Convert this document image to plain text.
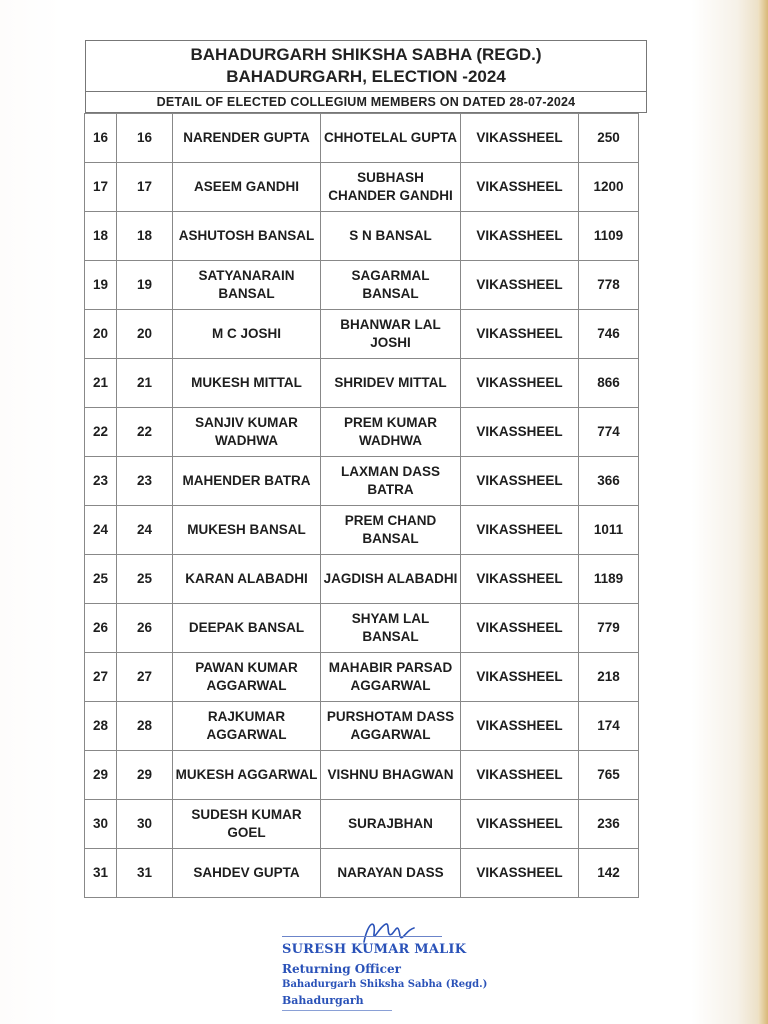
BAHADURGARH SHIKSHA SABHA (REGD.)
BAHADURGARH, ELECTION -2024
DETAIL OF ELECTED COLLEGIUM MEMBERS ON DATED 28-07-2024
16	16	NARENDER GUPTA	CHHOTELAL GUPTA	VIKASSHEEL	250
17	17	ASEEM GANDHI	SUBHASH CHANDER GANDHI	VIKASSHEEL	1200
18	18	ASHUTOSH BANSAL	S N BANSAL	VIKASSHEEL	1109
19	19	SATYANARAIN BANSAL	SAGARMAL BANSAL	VIKASSHEEL	778
20	20	M C JOSHI	BHANWAR LAL JOSHI	VIKASSHEEL	746
21	21	MUKESH MITTAL	SHRIDEV MITTAL	VIKASSHEEL	866
22	22	SANJIV KUMAR WADHWA	PREM KUMAR WADHWA	VIKASSHEEL	774
23	23	MAHENDER BATRA	LAXMAN DASS BATRA	VIKASSHEEL	366
24	24	MUKESH BANSAL	PREM CHAND BANSAL	VIKASSHEEL	1011
25	25	KARAN ALABADHI	JAGDISH ALABADHI	VIKASSHEEL	1189
26	26	DEEPAK BANSAL	SHYAM LAL BANSAL	VIKASSHEEL	779
27	27	PAWAN KUMAR AGGARWAL	MAHABIR PARSAD AGGARWAL	VIKASSHEEL	218
28	28	RAJKUMAR AGGARWAL	PURSHOTAM DASS AGGARWAL	VIKASSHEEL	174
29	29	MUKESH AGGARWAL	VISHNU BHAGWAN	VIKASSHEEL	765
30	30	SUDESH KUMAR GOEL	SURAJBHAN	VIKASSHEEL	236
31	31	SAHDEV GUPTA	NARAYAN DASS	VIKASSHEEL	142
SURESH KUMAR MALIK
Returning Officer
Bahadurgarh Shiksha Sabha (Regd.)
Bahadurgarh
